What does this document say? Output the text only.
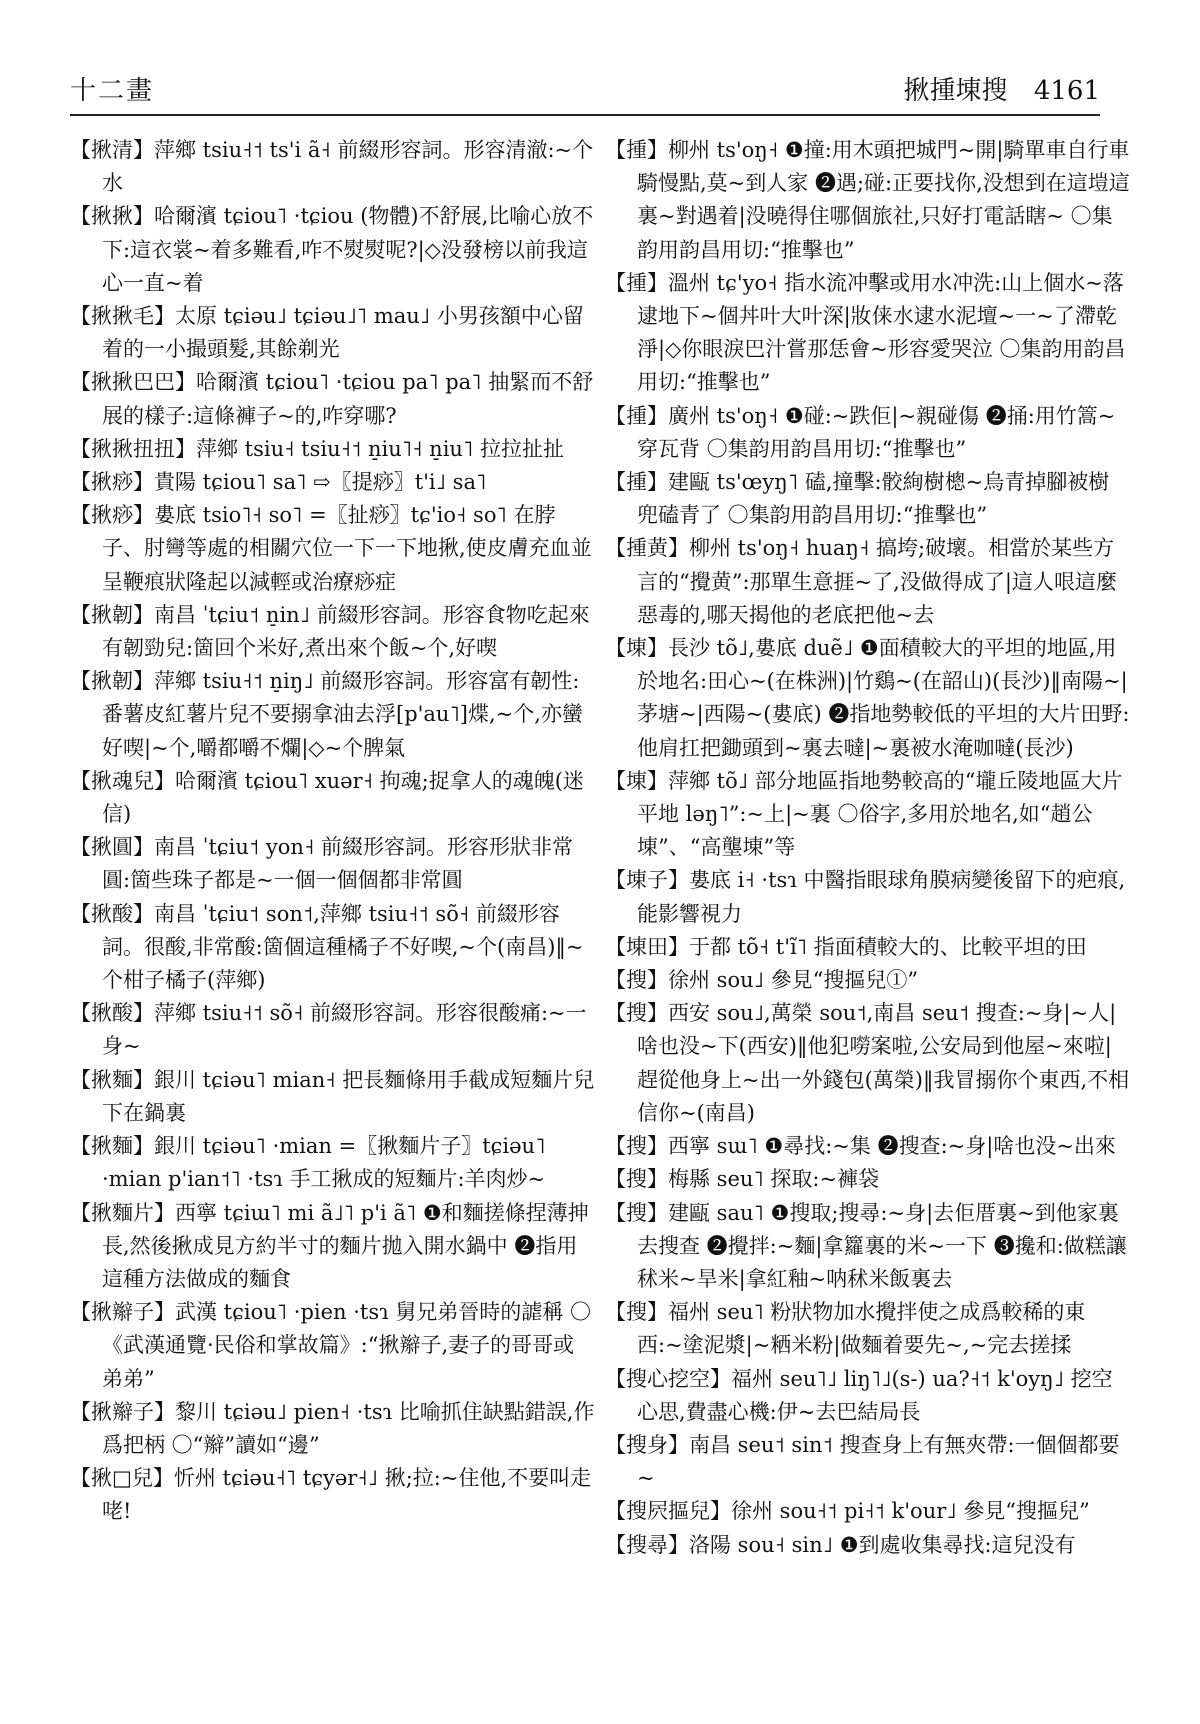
十二畫	揪揰埬搜 4161

【揪清】萍鄉 tsiu˧˦ ts'i ã˧ 前綴形容詞。形容清澈:~个水

【揪揪】哈爾濱 tɕiou˥ ·tɕiou (物體)不舒展,比喻心放不下:這衣裳~着多難看,咋不熨熨呢?|◇没發榜以前我這心一直~着

【揪揪毛】太原 tɕiəu˩ tɕiəu˩˥ mau˩ 小男孩額中心留着的一小撮頭髮,其餘剃光

【揪揪巴巴】哈爾濱 tɕiou˥ ·tɕiou pa˥ pa˥ 抽緊而不舒展的樣子:這條褲子~的,咋穿哪?

【揪揪扭扭】萍鄉 tsiu˧ tsiu˧˦ n̠iu˥˧ n̠iu˥ 拉拉扯扯

【揪痧】貴陽 tɕiou˥ sa˥ ⇨〖提痧〗t'i˩ sa˥

【揪痧】婁底 tsio˥˧ so˥ =〖扯痧〗tɕ'io˧ so˥ 在脖子、肘彎等處的相關穴位一下一下地揪,使皮膚充血並呈鞭痕狀隆起以減輕或治療痧症

【揪韌】南昌 ˈtɕiu˦ n̠in˩ 前綴形容詞。形容食物吃起來有韌勁兒:箇回个米好,煮出來个飯~个,好喫

【揪韌】萍鄉 tsiu˧˦ n̠iŋ˩ 前綴形容詞。形容富有韌性:番薯皮紅薯片兒不要搦拿油去浮[p'au˥]煠,~个,亦蠻好喫|~个,嚼都嚼不爛|◇~个脾氣

【揪魂兒】哈爾濱 tɕiou˥ xuər˧ 拘魂;捉拿人的魂魄(迷信)

【揪圓】南昌 ˈtɕiu˦ yon˧ 前綴形容詞。形容形狀非常圓:箇些珠子都是~一個一個個都非常圓

【揪酸】南昌 ˈtɕiu˦ son˦,萍鄉 tsiu˧˦ sõ˧ 前綴形容詞。很酸,非常酸:箇個這種橘子不好喫,~个(南昌)‖~个柑子橘子(萍鄉)

【揪酸】萍鄉 tsiu˧˦ sõ˧ 前綴形容詞。形容很酸痛:~一身~

【揪麵】銀川 tɕiəu˥ mian˧ 把長麵條用手截成短麵片兒下在鍋裏

【揪麵】銀川 tɕiəu˥ ·mian =〖揪麵片子〗tɕiəu˥ ·mian p'ian˦˥ ·tsɿ 手工揪成的短麵片:羊肉炒~

【揪麵片】西寧 tɕiɯ˥ mi ã˩˥ p'i ã˥ ❶和麵搓條捏薄抻長,然後揪成見方約半寸的麵片拋入開水鍋中 ❷指用這種方法做成的麵食

【揪辮子】武漢 tɕiou˥ ·pien ·tsɿ 舅兄弟晉時的謔稱 〇《武漢通覽·民俗和掌故篇》:“揪辮子,妻子的哥哥或弟弟”

【揪辮子】黎川 tɕiəu˩ pien˧ ·tsɿ 比喻抓住缺點錯誤,作爲把柄 〇“辮”讀如“邊”

【揪□兒】忻州 tɕiəu˧˥ tɕyər˧˩ 揪;拉:~住他,不要叫走咾!

【揰】柳州 ts'oŋ˧ ❶撞:用木頭把城門~開|騎單車自行車騎慢點,莫~到人家 ❷遇;碰:正要找你,没想到在這塏這裏~對遇着|没曉得住哪個旅社,只好打電話瞎~ 〇集韵用韵昌用切:“推擊也”

【揰】溫州 tɕ'yo˧ 指水流冲擊或用水冲洗:山上個水~落逮地下~個丼叶大叶深|妝俫水逮水泥壇~一~了滯乾淨|◇你眼淚巴汁嘗那恁會~形容愛哭泣 〇集韵用韵昌用切:“推擊也”

【揰】廣州 ts'oŋ˧ ❶碰:~跌佢|~親碰傷 ❷捅:用竹篙~穿瓦背 〇集韵用韵昌用切:“推擊也”

【揰】建甌 ts'œyŋ˥ 磕,撞擊:骹絢樹樬~烏青掉腳被樹兜磕青了 〇集韵用韵昌用切:“推擊也”

【揰黄】柳州 ts'oŋ˧ huaŋ˧ 搞垮;破壞。相當於某些方言的“攪黄”:那單生意捱~了,没做得成了|這人哏這麼惡毒的,哪天揭他的老底把他~去

【埬】長沙 tõ˩,婁底 duẽ˩ ❶面積較大的平坦的地區,用於地名:田心~(在株洲)|竹鷄~(在韶山)(長沙)‖南陽~|茅塘~|西陽~(婁底) ❷指地勢較低的平坦的大片田野:他肩扛把鋤頭到~裏去噠|~裏被水淹咖噠(長沙)

【埬】萍鄉 tõ˩ 部分地區指地勢較高的“壠丘陵地區大片平地 ləŋ˥”:~上|~裏 〇俗字,多用於地名,如“趙公埬”、“高壟埬”等

【埬子】婁底 i˧ ·tsɿ 中醫指眼球角膜病變後留下的疤痕,能影響視力

【埬田】于都 tõ˧ t'ĩ˥ 指面積較大的、比較平坦的田

【搜】徐州 sou˩ 參見“搜摳兒①”

【搜】西安 sou˩,萬榮 sou˦,南昌 seu˦ 搜查:~身|~人|啥也没~下(西安)‖他犯嘮案啦,公安局到他屋~來啦|趕從他身上~出一外錢包(萬榮)‖我冒搦你个東西,不相信你~(南昌)

【搜】西寧 sɯ˥ ❶尋找:~集 ❷搜查:~身|啥也没~出來

【搜】梅縣 seu˥ 探取:~褲袋

【搜】建甌 sau˥ ❶搜取;搜尋:~身|去佢厝裏~到他家裏去搜查 ❷攪拌:~麵|拿籮裏的米~一下 ❸攙和:做糕讓秫米~旱米|拿紅釉~呐秫米飯裏去

【搜】福州 seu˥ 粉狀物加水攪拌使之成爲較稀的東西:~塗泥漿|~粞米粉|做麵着要先~,~完去搓揉

【搜心挖空】福州 seu˥˩ liŋ˥˩(s-) ua?˧˦ k'oyŋ˩ 挖空心思,費盡心機:伊~去巴結局長

【搜身】南昌 seu˦ sin˦ 搜查身上有無夾帶:一個個都要~

【搜屄摳兒】徐州 sou˧˦ pi˧˦ k'our˩ 參見“搜摳兒”

【搜尋】洛陽 sou˧ sin˩ ❶到處收集尋找:這兒没有
